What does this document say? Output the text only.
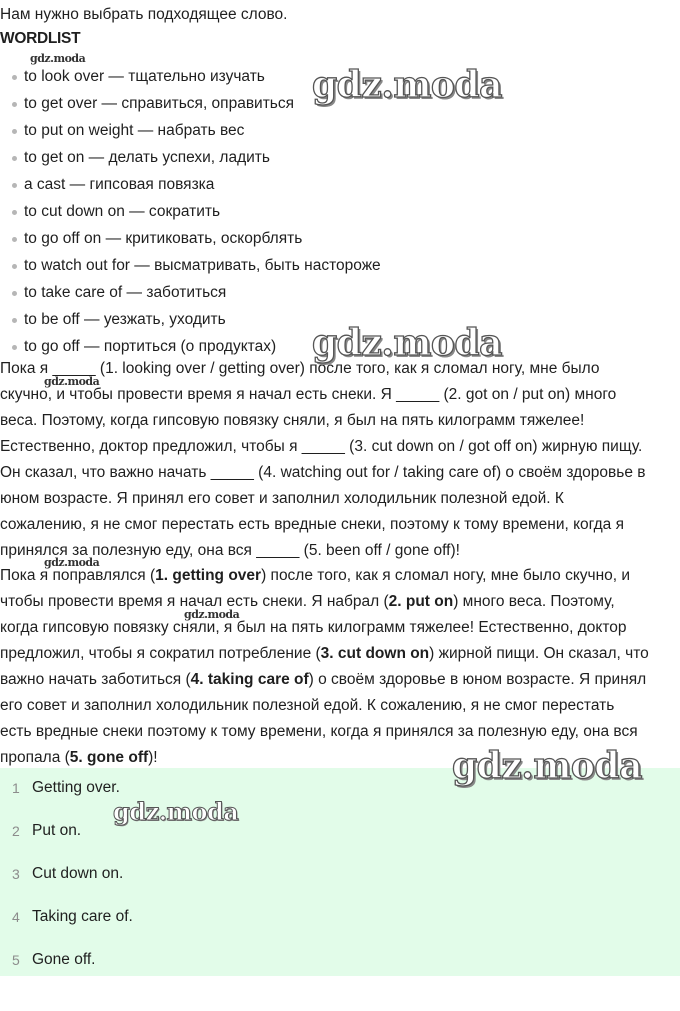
Нам нужно выбрать подходящее слово.
WORDLIST
to look over — тщательно изучать
to get over — справиться, оправиться
to put on weight — набрать вес
to get on — делать успехи, ладить
a cast — гипсовая повязка
to cut down on — сократить
to go off on — критиковать, оскорблять
to watch out for — высматривать, быть настороже
to take care of — заботиться
to be off — уезжать, уходить
to go off — портиться (о продуктах)
Пока я _____ (1. looking over / getting over) после того, как я сломал ногу, мне было
скучно, и чтобы провести время я начал есть снеки. Я _____ (2. got on / put on) много
веса. Поэтому, когда гипсовую повязку сняли, я был на пять килограмм тяжелее!
Естественно, доктор предложил, чтобы я _____ (3. cut down on / got off on) жирную пищу.
Он сказал, что важно начать _____ (4. watching out for / taking care of) о своём здоровье в
юном возрасте. Я принял его совет и заполнил холодильник полезной едой. К
сожалению, я не смог перестать есть вредные снеки, поэтому к тому времени, когда я
принялся за полезную еду, она вся _____ (5. been off / gone off)!
Пока я поправлялся (1. getting over) после того, как я сломал ногу, мне было скучно, и
чтобы провести время я начал есть снеки. Я набрал (2. put on) много веса. Поэтому,
когда гипсовую повязку сняли, я был на пять килограмм тяжелее! Естественно, доктор
предложил, чтобы я сократил потребление (3. cut down on) жирной пищи. Он сказал, что
важно начать заботиться (4. taking care of) о своём здоровье в юном возрасте. Я принял
его совет и заполнил холодильник полезной едой. К сожалению, я не смог перестать
есть вредные снеки поэтому к тому времени, когда я принялся за полезную еду, она вся
пропала (5. gone off)!
1 Getting over.
2 Put on.
3 Cut down on.
4 Taking care of.
5 Gone off.
gdz.moda
gdz.moda
gdz.moda
gdz.moda
gdz.moda
gdz.moda
gdz.moda
gdz.moda
